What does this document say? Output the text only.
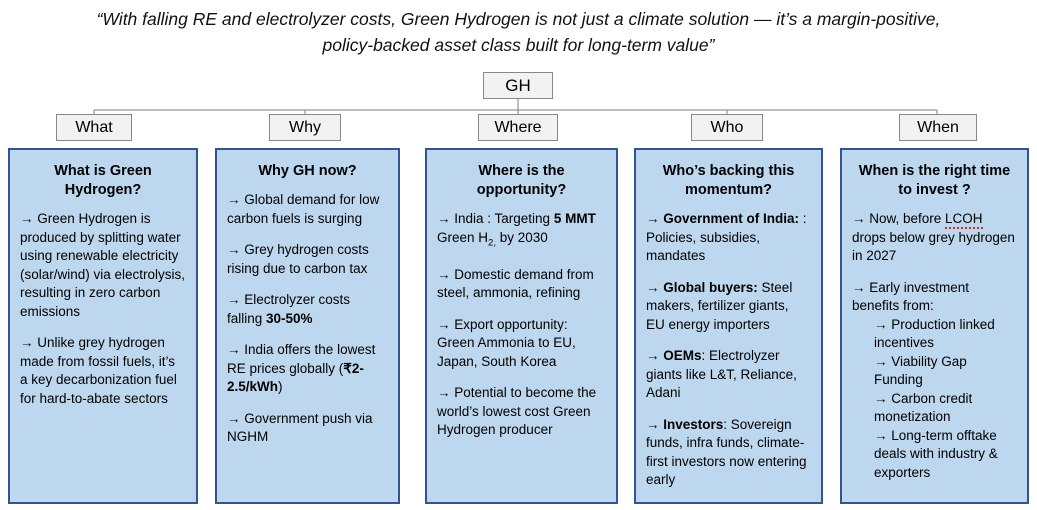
“With falling RE and electrolyzer costs, Green Hydrogen is not just a climate solution — it’s a margin-positive, policy-backed asset class built for long-term value”
GH
What	Why	Where	Who	When
What is Green Hydrogen?
→ Green Hydrogen is produced by splitting water using renewable electricity (solar/wind) via electrolysis, resulting in zero carbon emissions
→ Unlike grey hydrogen made from fossil fuels, it’s a key decarbonization fuel for hard-to-abate sectors
Why GH now?
→ Global demand for low carbon fuels is surging
→ Grey hydrogen costs rising due to carbon tax
→ Electrolyzer costs falling 30-50%
→ India offers the lowest RE prices globally (₹2-2.5/kWh)
→ Government push via NGHM
Where is the opportunity?
→ India : Targeting 5 MMT Green $H_{2,}$ by 2030
→ Domestic demand from steel, ammonia, refining
→ Export opportunity: Green Ammonia to EU, Japan, South Korea
→ Potential to become the world’s lowest cost Green Hydrogen producer
Who’s backing this momentum?
→ Government of India: : Policies, subsidies, mandates
→ Global buyers: Steel makers, fertilizer giants, EU energy importers
→ OEMs: Electrolyzer giants like L&T, Reliance, Adani
→ Investors: Sovereign funds, infra funds, climate-first investors now entering early
When is the right time to invest ?
→ Now, before LCOH drops below grey hydrogen in 2027
→ Early investment benefits from:
→ Production linked incentives
→ Viability Gap Funding
→ Carbon credit monetization
→ Long-term offtake deals with industry & exporters
